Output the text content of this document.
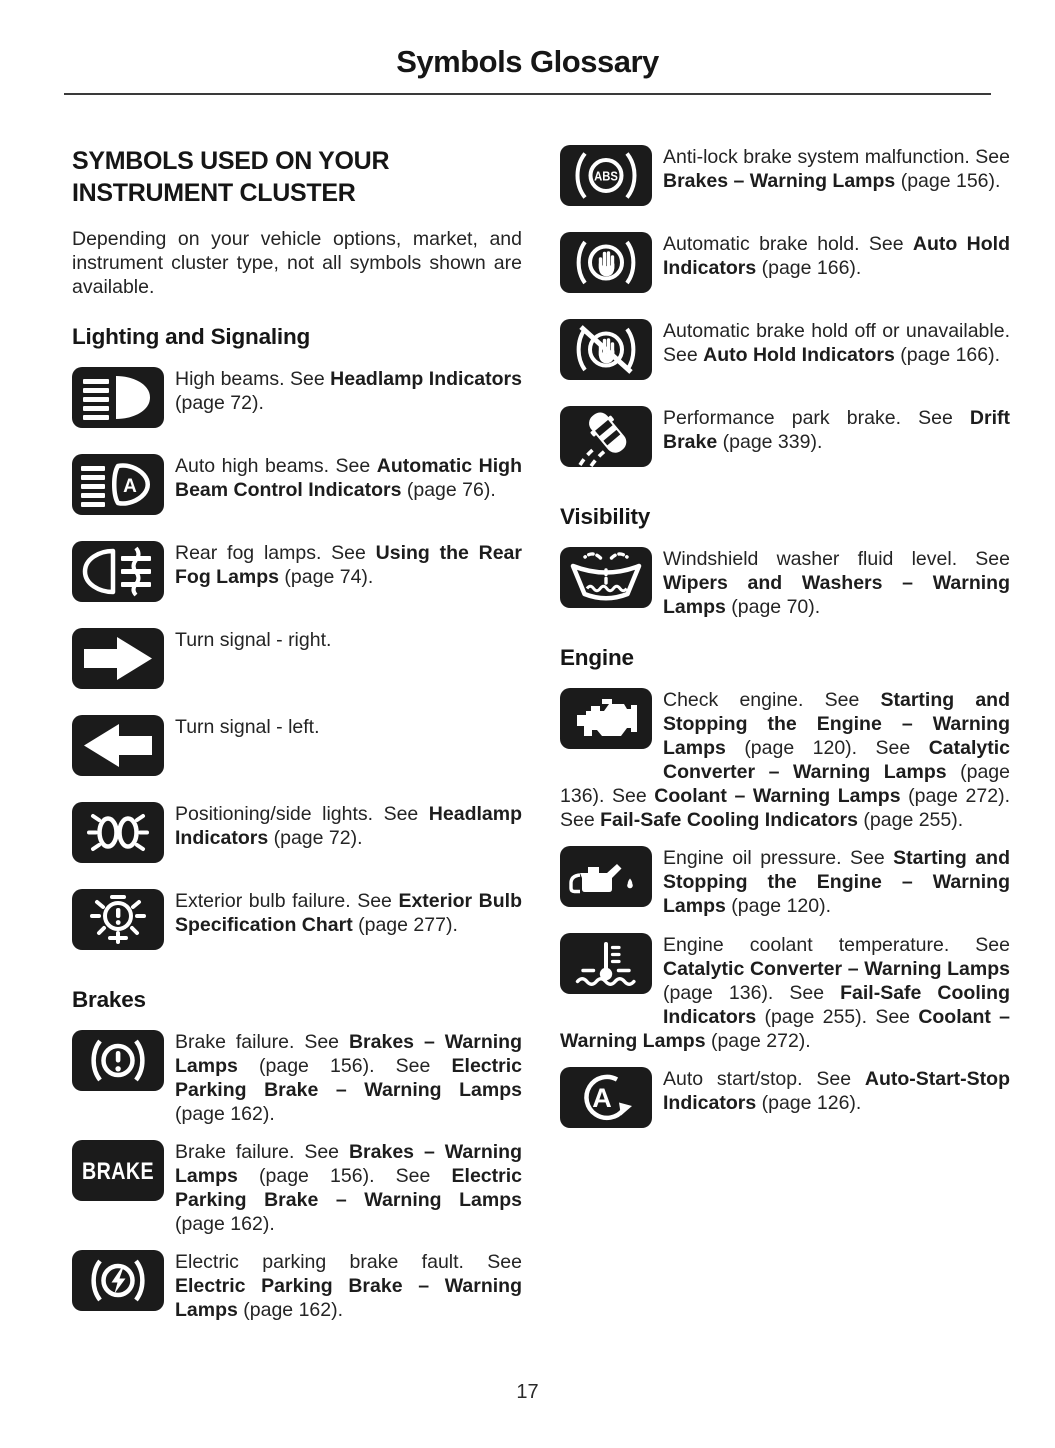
Symbols Glossary
SYMBOLS USED ON YOUR INSTRUMENT CLUSTER

Depending on your vehicle options, market, and instrument cluster type, not all symbols shown are available.

Lighting and Signaling
High beams. See Headlamp Indicators (page 72).
A
Auto high beams. See Automatic High Beam Control Indicators (page 76).
Rear fog lamps. See Using the Rear Fog Lamps (page 74).
Turn signal - right.
Turn signal - left.
Positioning/side lights. See Headlamp Indicators (page 72).
Exterior bulb failure. See Exterior Bulb Specification Chart (page 277).
Brakes
Brake failure. See Brakes – Warning Lamps (page 156). See Electric Parking Brake – Warning Lamps (page 162).
BRAKE
Brake failure. See Brakes – Warning Lamps (page 156). See Electric Parking Brake – Warning Lamps (page 162).
Electric parking brake fault. See Electric Parking Brake – Warning Lamps (page 162).
ABS
Anti-lock brake system malfunction. See Brakes – Warning Lamps (page 156).
Automatic brake hold. See Auto Hold Indicators (page 166).
Automatic brake hold off or unavailable. See Auto Hold Indicators (page 166).
Performance park brake. See Drift Brake (page 339).
Visibility
Windshield washer fluid level. See Wipers and Washers – Warning Lamps (page 70).
Engine
Check engine. See Starting and Stopping the Engine – Warning Lamps (page 120). See Catalytic Converter – Warning Lamps (page 136). See Coolant – Warning Lamps (page 272). See Fail-Safe Cooling Indicators (page 255).
Engine oil pressure. See Starting and Stopping the Engine – Warning Lamps (page 120).
Engine coolant temperature. See Catalytic Converter – Warning Lamps (page 136). See Fail-Safe Cooling Indicators (page 255). See Coolant – Warning Lamps (page 272).
A
Auto start/stop. See Auto-Start-Stop Indicators (page 126).
17
